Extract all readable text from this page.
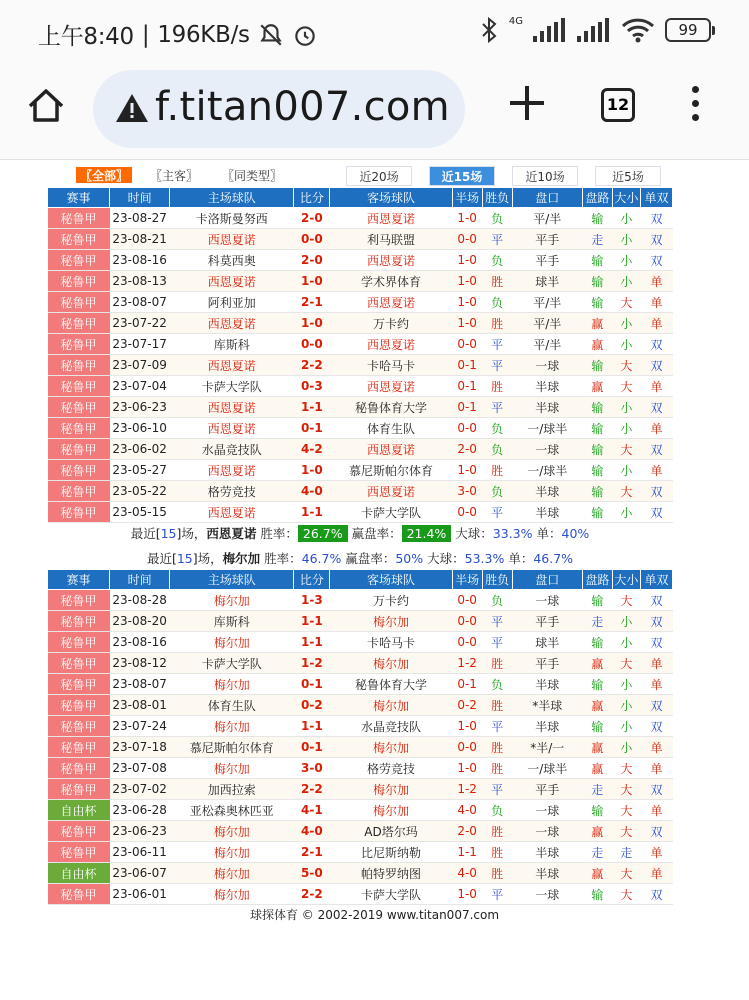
上午8:40 | 196KB/s
4G	99
f.titan007.com	12
〖全部〗	〖主客〗	〖同类型〗	近20场	近15场	近10场	近5场
赛事	时间	主场球队	比分	客场球队	半场	胜负	盘口	盘路	大小	单双
秘鲁甲	23-08-27	卡洛斯曼努西	2-0	西恩夏诺	1-0	负	平/半	输	小	双
秘鲁甲	23-08-21	西恩夏诺	0-0	利马联盟	0-0	平	平手	走	小	双
秘鲁甲	23-08-16	科莫西奥	2-0	西恩夏诺	1-0	负	平手	输	小	双
秘鲁甲	23-08-13	西恩夏诺	1-0	学术界体育	1-0	胜	球半	输	小	单
秘鲁甲	23-08-07	阿利亚加	2-1	西恩夏诺	1-0	负	平/半	输	大	单
秘鲁甲	23-07-22	西恩夏诺	1-0	万卡约	1-0	胜	平/半	赢	小	单
秘鲁甲	23-07-17	库斯科	0-0	西恩夏诺	0-0	平	平/半	赢	小	双
秘鲁甲	23-07-09	西恩夏诺	2-2	卡哈马卡	0-1	平	一球	输	大	双
秘鲁甲	23-07-04	卡萨大学队	0-3	西恩夏诺	0-1	胜	半球	赢	大	单
秘鲁甲	23-06-23	西恩夏诺	1-1	秘鲁体育大学	0-1	平	半球	输	小	双
秘鲁甲	23-06-10	西恩夏诺	0-1	体育生队	0-0	负	一/球半	输	小	单
秘鲁甲	23-06-02	水晶竞技队	4-2	西恩夏诺	2-0	负	一球	输	大	双
秘鲁甲	23-05-27	西恩夏诺	1-0	慕尼斯帕尔体育	1-0	胜	一/球半	输	小	单
秘鲁甲	23-05-22	格劳竞技	4-0	西恩夏诺	3-0	负	半球	输	大	双
秘鲁甲	23-05-15	西恩夏诺	1-1	卡萨大学队	0-0	平	半球	输	小	双
最近[15]场，西恩夏诺 胜率： 26.7% 赢盘率： 21.4% 大球：33.3% 单：40%
最近[15]场，梅尔加 胜率：46.7% 赢盘率：50% 大球：53.3% 单：46.7%
赛事	时间	主场球队	比分	客场球队	半场	胜负	盘口	盘路	大小	单双
秘鲁甲	23-08-28	梅尔加	1-3	万卡约	0-0	负	一球	输	大	双
秘鲁甲	23-08-20	库斯科	1-1	梅尔加	0-0	平	平手	走	小	双
秘鲁甲	23-08-16	梅尔加	1-1	卡哈马卡	0-0	平	球半	输	小	双
秘鲁甲	23-08-12	卡萨大学队	1-2	梅尔加	1-2	胜	平手	赢	大	单
秘鲁甲	23-08-07	梅尔加	0-1	秘鲁体育大学	0-1	负	半球	输	小	单
秘鲁甲	23-08-01	体育生队	0-2	梅尔加	0-2	胜	*半球	赢	小	双
秘鲁甲	23-07-24	梅尔加	1-1	水晶竞技队	1-0	平	半球	输	小	双
秘鲁甲	23-07-18	慕尼斯帕尔体育	0-1	梅尔加	0-0	胜	*半/一	赢	小	单
秘鲁甲	23-07-08	梅尔加	3-0	格劳竞技	1-0	胜	一/球半	赢	大	单
秘鲁甲	23-07-02	加西拉索	2-2	梅尔加	1-2	平	平手	走	大	双
自由杯	23-06-28	亚松森奥林匹亚	4-1	梅尔加	4-0	负	一球	输	大	单
秘鲁甲	23-06-23	梅尔加	4-0	AD塔尔玛	2-0	胜	一球	赢	大	双
秘鲁甲	23-06-11	梅尔加	2-1	比尼斯纳勒	1-1	胜	半球	走	走	单
自由杯	23-06-07	梅尔加	5-0	帕特罗纳图	4-0	胜	半球	赢	大	单
秘鲁甲	23-06-01	梅尔加	2-2	卡萨大学队	1-0	平	一球	输	大	双
球探体育 © 2002-2019 www.titan007.com
